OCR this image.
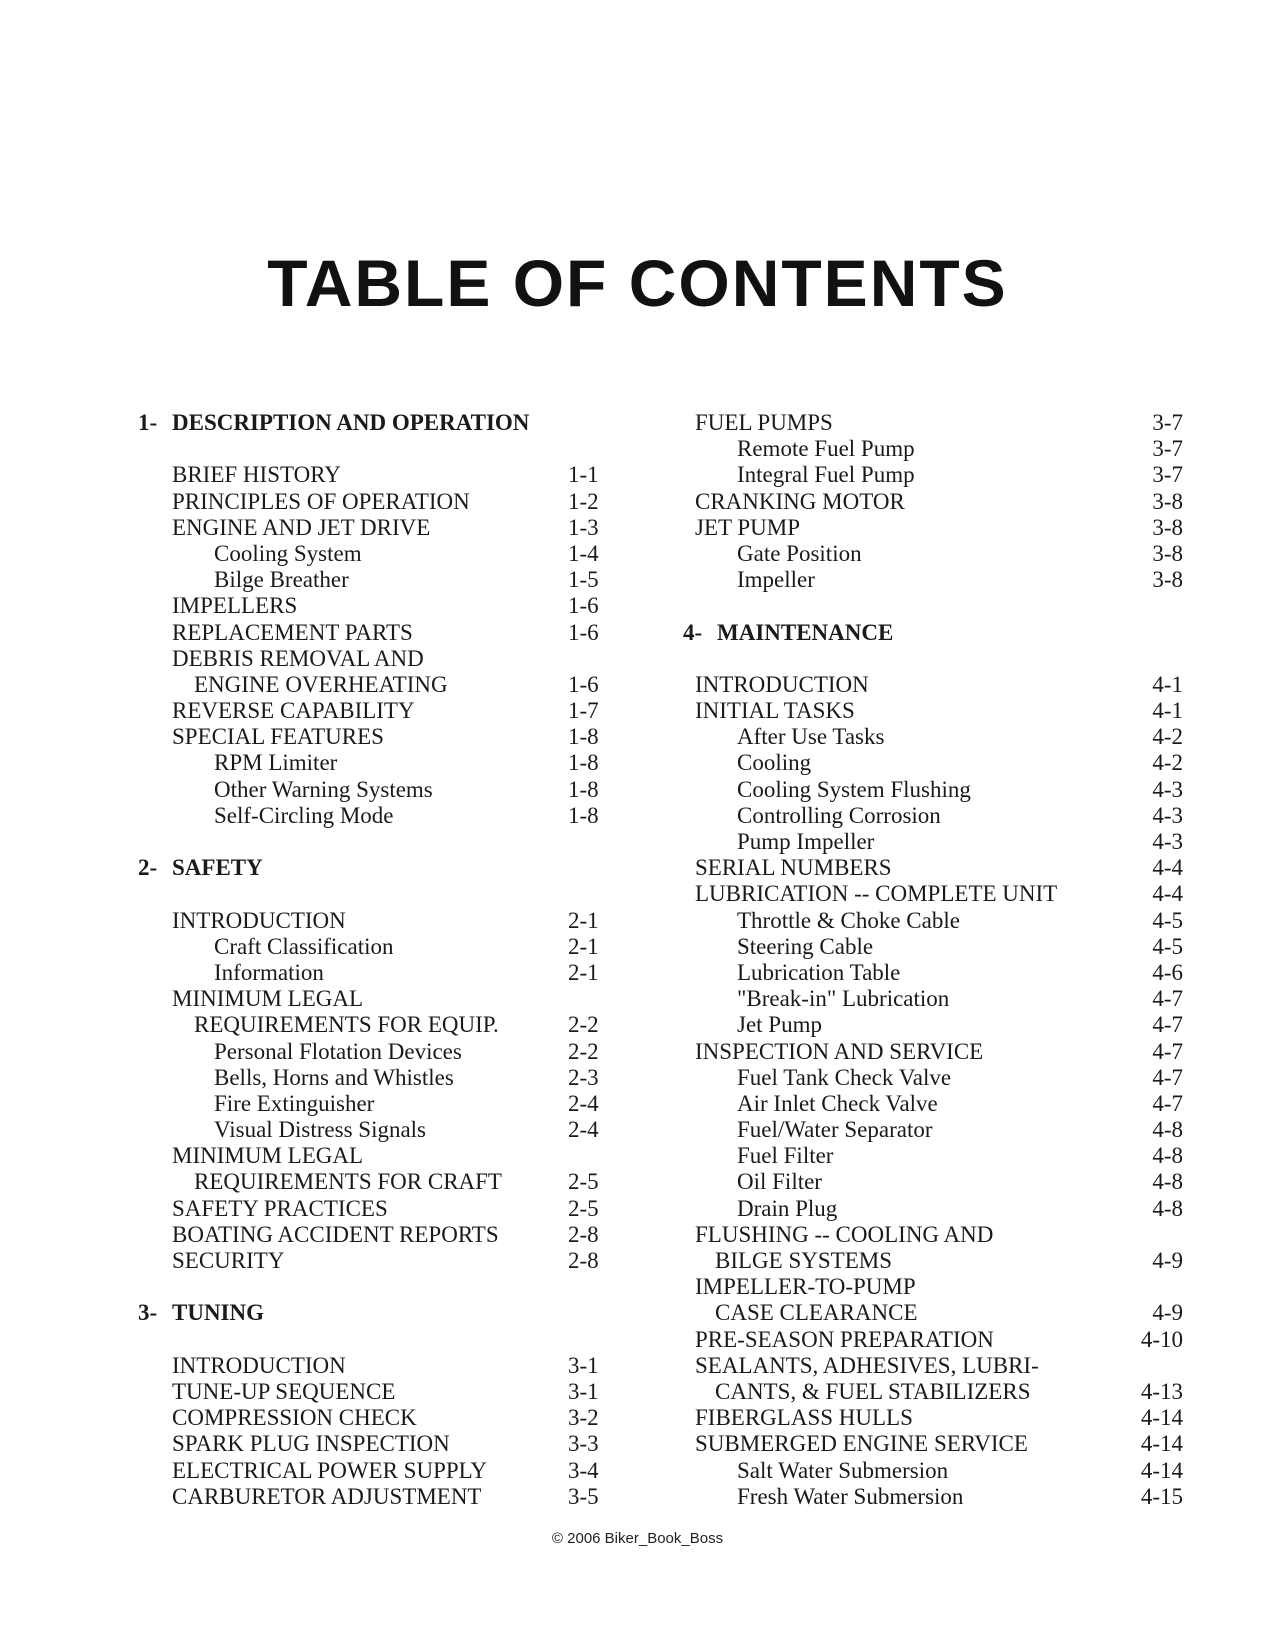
TABLE OF CONTENTS
1- DESCRIPTION AND OPERATION
BRIEF HISTORY	1-1
PRINCIPLES OF OPERATION	1-2
ENGINE AND JET DRIVE	1-3
Cooling System	1-4
Bilge Breather	1-5
IMPELLERS	1-6
REPLACEMENT PARTS	1-6
DEBRIS REMOVAL AND
ENGINE OVERHEATING	1-6
REVERSE CAPABILITY	1-7
SPECIAL FEATURES	1-8
RPM Limiter	1-8
Other Warning Systems	1-8
Self-Circling Mode	1-8
2- SAFETY
INTRODUCTION	2-1
Craft Classification	2-1
Information	2-1
MINIMUM LEGAL
REQUIREMENTS FOR EQUIP.	2-2
Personal Flotation Devices	2-2
Bells, Horns and Whistles	2-3
Fire Extinguisher	2-4
Visual Distress Signals	2-4
MINIMUM LEGAL
REQUIREMENTS FOR CRAFT	2-5
SAFETY PRACTICES	2-5
BOATING ACCIDENT REPORTS	2-8
SECURITY	2-8
3- TUNING
INTRODUCTION	3-1
TUNE-UP SEQUENCE	3-1
COMPRESSION CHECK	3-2
SPARK PLUG INSPECTION	3-3
ELECTRICAL POWER SUPPLY	3-4
CARBURETOR ADJUSTMENT	3-5
FUEL PUMPS	3-7
Remote Fuel Pump	3-7
Integral Fuel Pump	3-7
CRANKING MOTOR	3-8
JET PUMP	3-8
Gate Position	3-8
Impeller	3-8
4- MAINTENANCE
INTRODUCTION	4-1
INITIAL TASKS	4-1
After Use Tasks	4-2
Cooling	4-2
Cooling System Flushing	4-3
Controlling Corrosion	4-3
Pump Impeller	4-3
SERIAL NUMBERS	4-4
LUBRICATION -- COMPLETE UNIT	4-4
Throttle & Choke Cable	4-5
Steering Cable	4-5
Lubrication Table	4-6
"Break-in" Lubrication	4-7
Jet Pump	4-7
INSPECTION AND SERVICE	4-7
Fuel Tank Check Valve	4-7
Air Inlet Check Valve	4-7
Fuel/Water Separator	4-8
Fuel Filter	4-8
Oil Filter	4-8
Drain Plug	4-8
FLUSHING -- COOLING AND
BILGE SYSTEMS	4-9
IMPELLER-TO-PUMP
CASE CLEARANCE	4-9
PRE-SEASON PREPARATION	4-10
SEALANTS, ADHESIVES, LUBRI-
CANTS, & FUEL STABILIZERS	4-13
FIBERGLASS HULLS	4-14
SUBMERGED ENGINE SERVICE	4-14
Salt Water Submersion	4-14
Fresh Water Submersion	4-15
© 2006 Biker_Book_Boss
